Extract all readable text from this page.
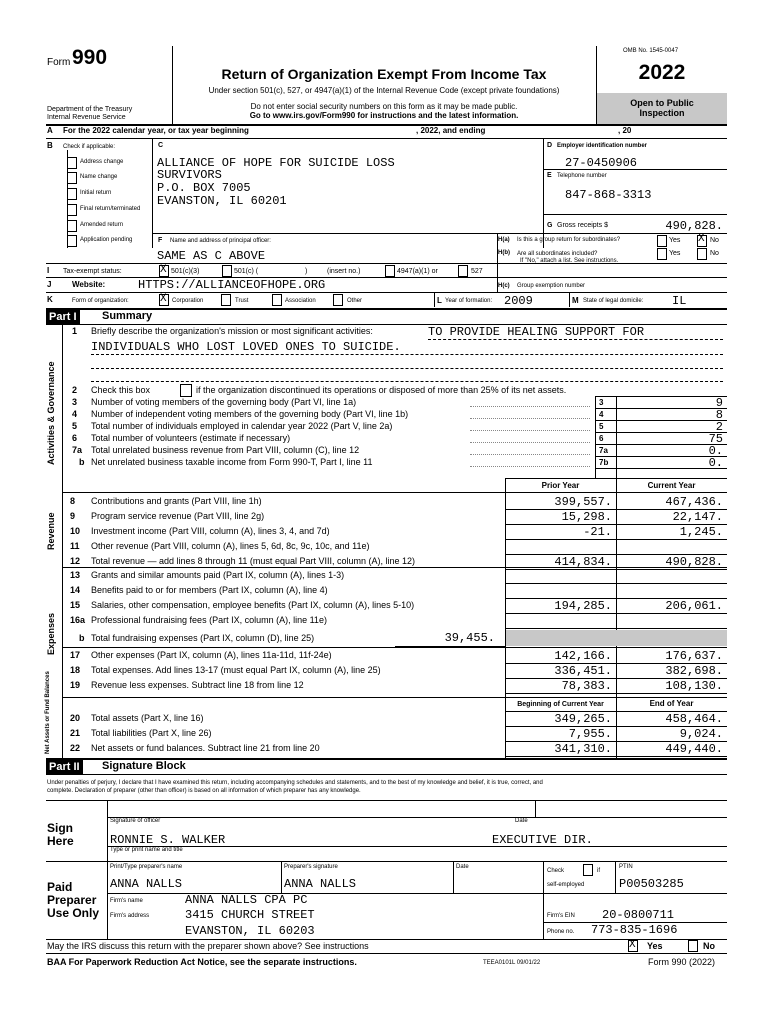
Form 990
Department of the Treasury
Internal Revenue Service
Return of Organization Exempt From Income Tax
Under section 501(c), 527, or 4947(a)(1) of the Internal Revenue Code (except private foundations)
Do not enter social security numbers on this form as it may be made public.
Go to www.irs.gov/Form990 for instructions and the latest information.
OMB No. 1545-0047
2022
Open to Public
Inspection
A For the 2022 calendar year, or tax year beginning	, 2022, and ending	, 20
B Check if applicable:
Address change
Name change
Initial return
Final return/terminated
Amended return
Application pending
C
ALLIANCE OF HOPE FOR SUICIDE LOSS
SURVIVORS
P.O. BOX 7005
EVANSTON, IL 60201
D Employer identification number
27-0450906
E Telephone number
847-868-3313
G Gross receipts $	490,828.
F Name and address of principal officer:
SAME AS C ABOVE
H(a) Is this a group return for subordinates?	Yes X No
H(b) Are all subordinates included?
If "No," attach a list. See instructions.
Yes	No
I Tax-exempt status:	X 501(c)(3)	501(c) (	)	(insert no.)	4947(a)(1) or	527
J	Website:	HTTPS://ALLIANCEOFHOPE.ORG	H(c) Group exemption number
K	Form of organization:	X Corporation	Trust	Association	Other	L Year of formation: 2009	M State of legal domicile: IL
Part I Summary
Activities & Governance
Revenue
Expenses
Net Assets or Fund Balances
1 Briefly describe the organization's mission or most significant activities:	TO PROVIDE HEALING SUPPORT FOR
INDIVIDUALS WHO LOST LOVED ONES TO SUICIDE.
2 Check this box	if the organization discontinued its operations or disposed of more than 25% of its net assets.
3 Number of voting members of the governing body (Part VI, line 1a)	3	9
4 Number of independent voting members of the governing body (Part VI, line 1b)	4	8
5 Total number of individuals employed in calendar year 2022 (Part V, line 2a)	5	2
6 Total number of volunteers (estimate if necessary)	6	75
7a Total unrelated business revenue from Part VIII, column (C), line 12	7a	0.
b Net unrelated business taxable income from Form 990-T, Part I, line 11	7b	0.
Prior Year	Current Year
8 Contributions and grants (Part VIII, line 1h)	399,557.	467,436.
9 Program service revenue (Part VIII, line 2g)	15,298.	22,147.
10 Investment income (Part VIII, column (A), lines 3, 4, and 7d)	-21.	1,245.
11 Other revenue (Part VIII, column (A), lines 5, 6d, 8c, 9c, 10c, and 11e)
12 Total revenue — add lines 8 through 11 (must equal Part VIII, column (A), line 12)	414,834.	490,828.
13 Grants and similar amounts paid (Part IX, column (A), lines 1-3)
14 Benefits paid to or for members (Part IX, column (A), line 4)
15 Salaries, other compensation, employee benefits (Part IX, column (A), lines 5-10)	194,285.	206,061.
16a Professional fundraising fees (Part IX, column (A), line 11e)
b Total fundraising expenses (Part IX, column (D), line 25)	39,455.
17 Other expenses (Part IX, column (A), lines 11a-11d, 11f-24e)	142,166.	176,637.
18 Total expenses. Add lines 13-17 (must equal Part IX, column (A), line 25)	336,451.	382,698.
19 Revenue less expenses. Subtract line 18 from line 12	78,383.	108,130.
Beginning of Current Year	End of Year
20 Total assets (Part X, line 16)	349,265.	458,464.
21 Total liabilities (Part X, line 26)	7,955.	9,024.
22 Net assets or fund balances. Subtract line 21 from line 20	341,310.	449,440.
Part II Signature Block
Under penalties of perjury, I declare that I have examined this return, including accompanying schedules and statements, and to the best of my knowledge and belief, it is true, correct, and
complete. Declaration of preparer (other than officer) is based on all information of which preparer has any knowledge.
Sign
Here
Signature of officer	Date
RONNIE S. WALKER	EXECUTIVE DIR.
Type or print name and title
Paid
Preparer
Use Only
Print/Type preparer's name	Preparer's signature	Date
Check	if
self-employed
PTIN
ANNA NALLS	ANNA NALLS	P00503285
Firm's name	ANNA NALLS CPA PC
Firm's EIN 20-0800711
Firm's address	3415 CHURCH STREET
EVANSTON, IL 60203	Phone no. 773-835-1696
May the IRS discuss this return with the preparer shown above? See instructions	X Yes	No
BAA For Paperwork Reduction Act Notice, see the separate instructions.	TEEA0101L 09/01/22	Form 990 (2022)
